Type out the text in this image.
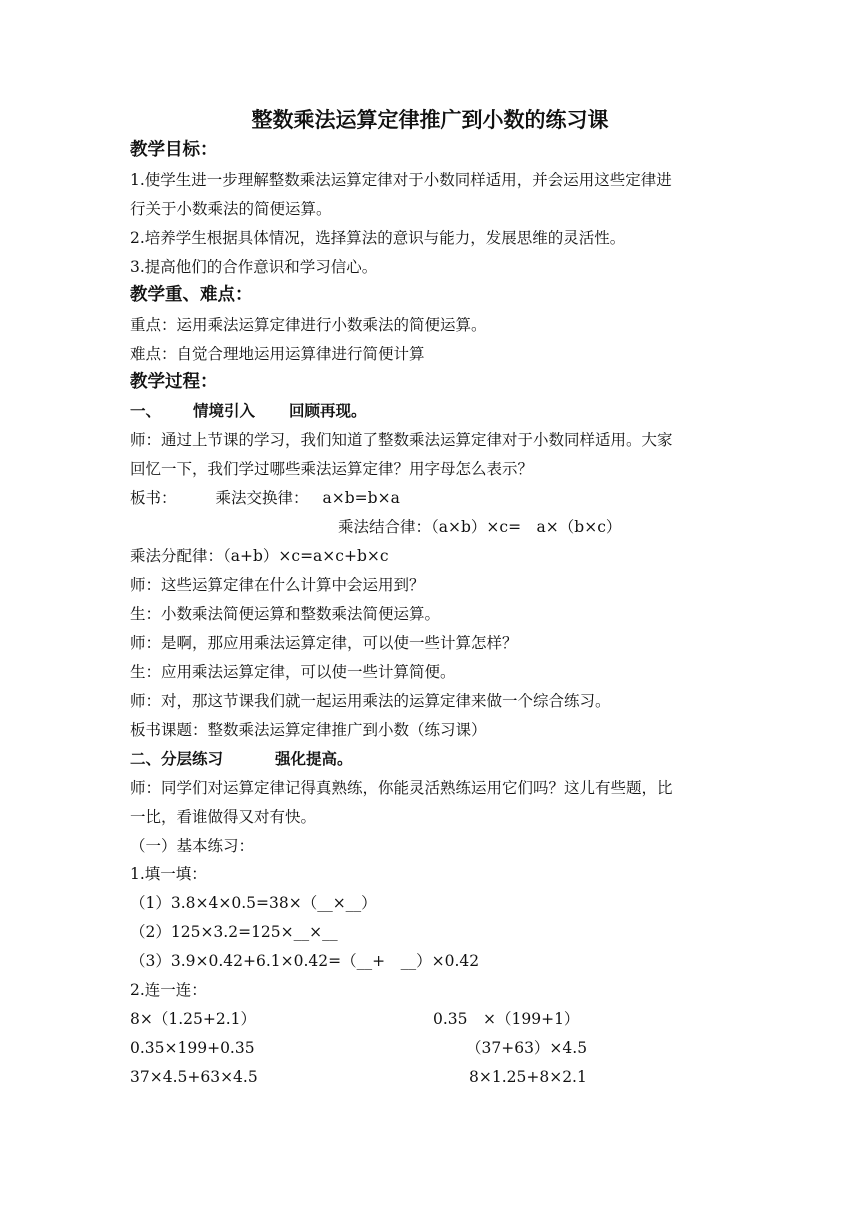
整数乘法运算定律推广到小数的练习课
教学目标：
1.使学生进一步理解整数乘法运算定律对于小数同样适用，并会运用这些定律进
行关于小数乘法的简便运算。
2.培养学生根据具体情况，选择算法的意识与能力，发展思维的灵活性。
3.提高他们的合作意识和学习信心。
教学重、难点：
重点：运用乘法运算定律进行小数乘法的简便运算。
难点：自觉合理地运用运算律进行简便计算
教学过程：
一、 情境引入 回顾再现。
师：通过上节课的学习，我们知道了整数乘法运算定律对于小数同样适用。大家
回忆一下，我们学过哪些乘法运算定律？用字母怎么表示？
板书：	乘法交换律： a×b=b×a
乘法结合律：（a×b）×c=　a×（b×c）
乘法分配律：（a+b）×c=a×c+b×c
师：这些运算定律在什么计算中会运用到？
生：小数乘法简便运算和整数乘法简便运算。
师：是啊，那应用乘法运算定律，可以使一些计算怎样？
生：应用乘法运算定律，可以使一些计算简便。
师：对，那这节课我们就一起运用乘法的运算定律来做一个综合练习。
板书课题：整数乘法运算定律推广到小数（练习课）
二、分层练习	强化提高。
师：同学们对运算定律记得真熟练，你能灵活熟练运用它们吗？这儿有些题，比
一比，看谁做得又对有快。
（一）基本练习：
1.填一填：
（1）3.8×4×0.5=38×（__×__）
（2）125×3.2=125×__×__
（3）3.9×0.42+6.1×0.42=（__+　__）×0.42
2.连一连：
8×（1.25+2.1）
0.35×199+0.35
37×4.5+63×4.5
0.35　×（199+1）
（37+63）×4.5
8×1.25+8×2.1
